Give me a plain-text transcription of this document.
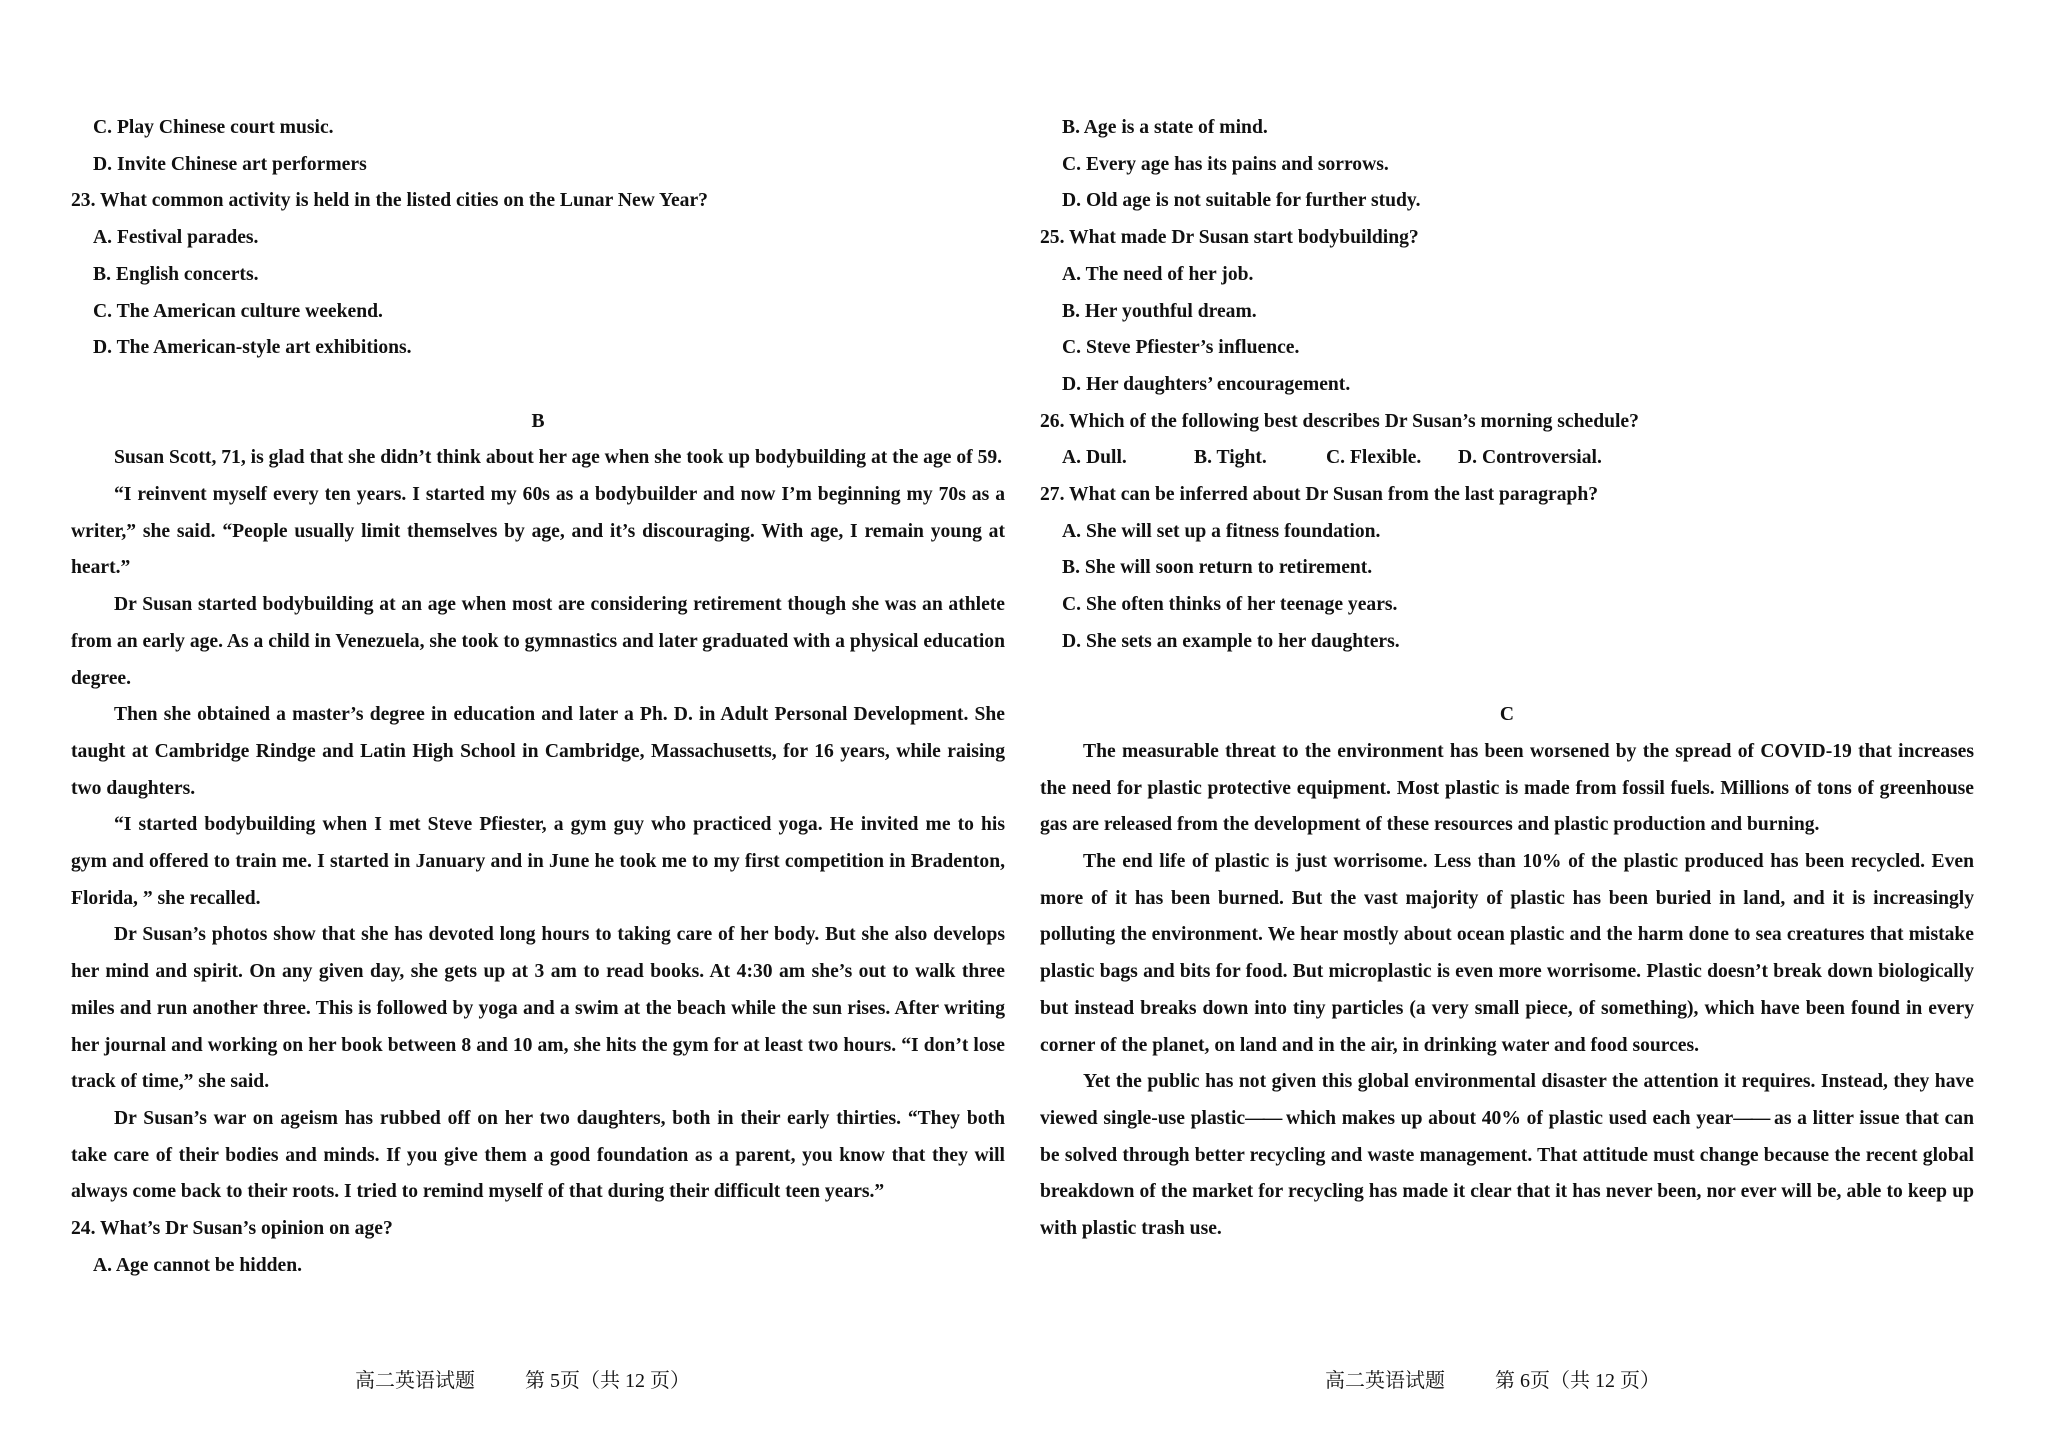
C. Play Chinese court music.

D. Invite Chinese art performers

23. What common activity is held in the listed cities on the Lunar New Year?

A. Festival parades.

B. English concerts.

C. The American culture weekend.

D. The American-style art exhibitions.

B

Susan Scott, 71, is glad that she didn’t think about her age when she took up bodybuilding at the age of 59.

“I reinvent myself every ten years. I started my 60s as a bodybuilder and now I’m beginning my 70s as a writer,” she said. “People usually limit themselves by age, and it’s discouraging. With age, I remain young at heart.”

Dr Susan started bodybuilding at an age when most are considering retirement though she was an athlete from an early age. As a child in Venezuela, she took to gymnastics and later graduated with a physical education degree.

Then she obtained a master’s degree in education and later a Ph. D. in Adult Personal Development. She taught at Cambridge Rindge and Latin High School in Cambridge, Massachusetts, for 16 years, while raising two daughters.

“I started bodybuilding when I met Steve Pfiester, a gym guy who practiced yoga. He invited me to his gym and offered to train me. I started in January and in June he took me to my first competition in Bradenton, Florida, ” she recalled.

Dr Susan’s photos show that she has devoted long hours to taking care of her body. But she also develops her mind and spirit. On any given day, she gets up at 3 am to read books. At 4:30 am she’s out to walk three miles and run another three. This is followed by yoga and a swim at the beach while the sun rises. After writing her journal and working on her book between 8 and 10 am, she hits the gym for at least two hours. “I don’t lose track of time,” she said.

Dr Susan’s war on ageism has rubbed off on her two daughters, both in their early thirties. “They both take care of their bodies and minds. If you give them a good foundation as a parent, you know that they will always come back to their roots. I tried to remind myself of that during their difficult teen years.”

24. What’s Dr Susan’s opinion on age?

A. Age cannot be hidden.

B. Age is a state of mind.

C. Every age has its pains and sorrows.

D. Old age is not suitable for further study.

25. What made Dr Susan start bodybuilding?

A. The need of her job.

B. Her youthful dream.

C. Steve Pfiester’s influence.

D. Her daughters’ encouragement.

26. Which of the following best describes Dr Susan’s morning schedule?

A. Dull.	B. Tight.	C. Flexible.	D. Controversial.

27. What can be inferred about Dr Susan from the last paragraph?

A. She will set up a fitness foundation.

B. She will soon return to retirement.

C. She often thinks of her teenage years.

D. She sets an example to her daughters.

C

The measurable threat to the environment has been worsened by the spread of COVID-19 that increases the need for plastic protective equipment. Most plastic is made from fossil fuels. Millions of tons of greenhouse gas are released from the development of these resources and plastic production and burning.

The end life of plastic is just worrisome. Less than 10% of the plastic produced has been recycled. Even more of it has been burned. But the vast majority of plastic has been buried in land, and it is increasingly polluting the environment. We hear mostly about ocean plastic and the harm done to sea creatures that mistake plastic bags and bits for food. But microplastic is even more worrisome. Plastic doesn’t break down biologically but instead breaks down into tiny particles (a very small piece, of something), which have been found in every corner of the planet, on land and in the air, in drinking water and food sources.

Yet the public has not given this global environmental disaster the attention it requires. Instead, they have viewed single-use plastic—— which makes up about 40% of plastic used each year—— as a litter issue that can be solved through better recycling and waste management. That attitude must change because the recent global breakdown of the market for recycling has made it clear that it has never been, nor ever will be, able to keep up with plastic trash use.

高二英语试题          第 5页（共 12 页）	高二英语试题          第 6页（共 12 页）
